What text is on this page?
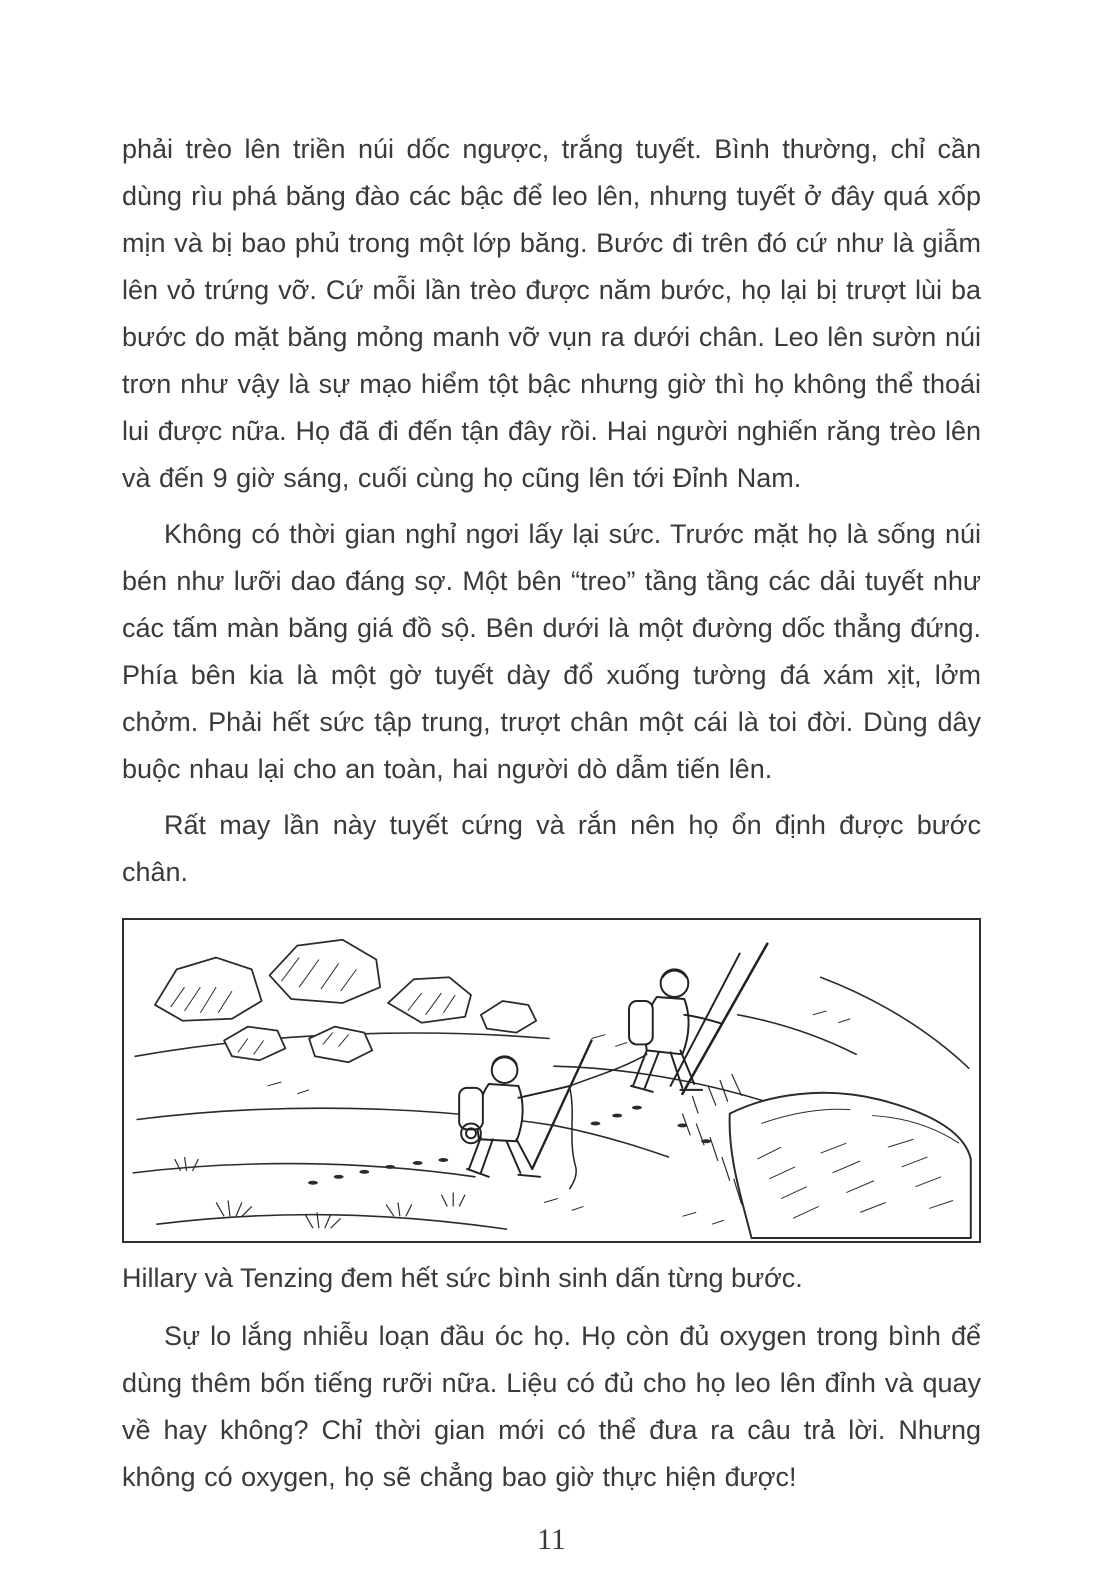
phải trèo lên triền núi dốc ngược, trắng tuyết. Bình thường, chỉ cần dùng rìu phá băng đào các bậc để leo lên, nhưng tuyết ở đây quá xốp mịn và bị bao phủ trong một lớp băng. Bước đi trên đó cứ như là giẫm lên vỏ trứng vỡ. Cứ mỗi lần trèo được năm bước, họ lại bị trượt lùi ba bước do mặt băng mỏng manh vỡ vụn ra dưới chân. Leo lên sườn núi trơn như vậy là sự mạo hiểm tột bậc nhưng giờ thì họ không thể thoái lui được nữa. Họ đã đi đến tận đây rồi. Hai người nghiến răng trèo lên và đến 9 giờ sáng, cuối cùng họ cũng lên tới Đỉnh Nam.

Không có thời gian nghỉ ngơi lấy lại sức. Trước mặt họ là sống núi bén như lưỡi dao đáng sợ. Một bên “treo” tầng tầng các dải tuyết như các tấm màn băng giá đồ sộ. Bên dưới là một đường dốc thẳng đứng. Phía bên kia là một gờ tuyết dày đổ xuống tường đá xám xịt, lởm chởm. Phải hết sức tập trung, trượt chân một cái là toi đời. Dùng dây buộc nhau lại cho an toàn, hai người dò dẫm tiến lên.

Rất may lần này tuyết cứng và rắn nên họ ổn định được bước chân.

Hillary và Tenzing đem hết sức bình sinh dấn từng bước.

Sự lo lắng nhiễu loạn đầu óc họ. Họ còn đủ oxygen trong bình để dùng thêm bốn tiếng rưỡi nữa. Liệu có đủ cho họ leo lên đỉnh và quay về hay không? Chỉ thời gian mới có thể đưa ra câu trả lời. Nhưng không có oxygen, họ sẽ chẳng bao giờ thực hiện được!

11
